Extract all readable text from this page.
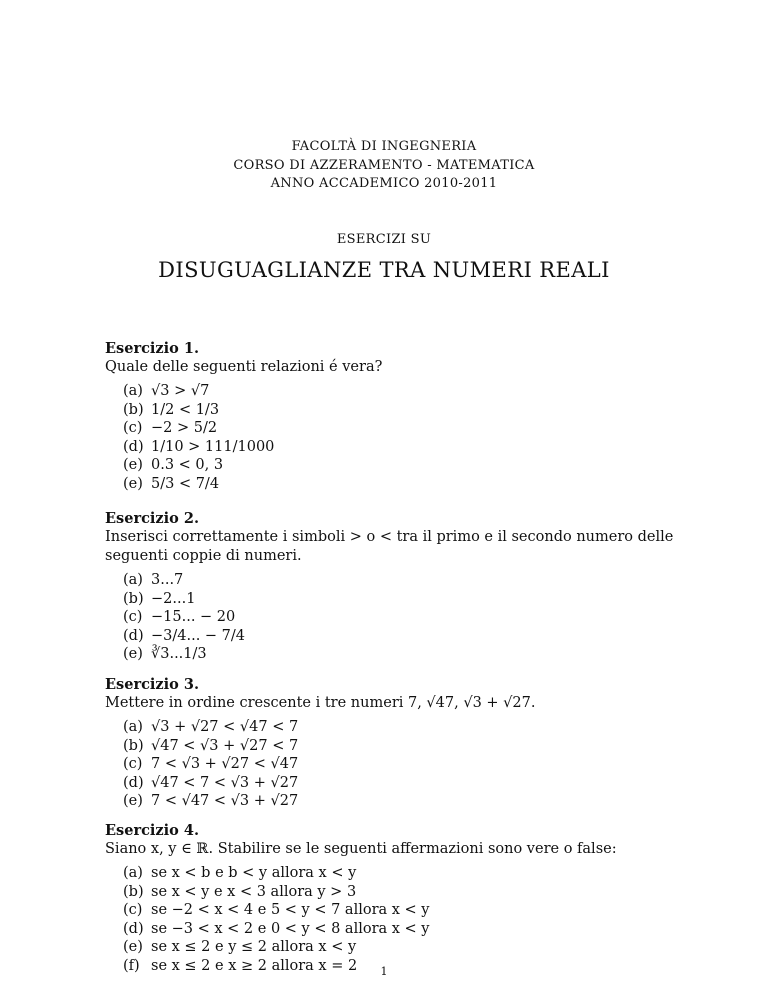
FACOLTÀ DI INGEGNERIA
CORSO DI AZZERAMENTO - MATEMATICA
ANNO ACCADEMICO 2010-2011
ESERCIZI SU
DISUGUAGLIANZE TRA NUMERI REALI
Esercizio 1.
Quale delle seguenti relazioni é vera?
(a) √3 > √7
(b) 1/2 < 1/3
(c) −2 > 5/2
(d) 1/10 > 111/1000
(e) 0.3 < 0, 3
(e) 5/3 < 7/4
Esercizio 2.
Inserisci correttamente i simboli > o < tra il primo e il secondo numero delle seguenti coppie di numeri.
(a) 3...7
(b) −2...1
(c) −15... − 20
(d) −3/4... − 7/4
(e) ∛3...1/3
Esercizio 3.
Mettere in ordine crescente i tre numeri 7, √47, √3 + √27.
(a) √3 + √27 < √47 < 7
(b) √47 < √3 + √27 < 7
(c) 7 < √3 + √27 < √47
(d) √47 < 7 < √3 + √27
(e) 7 < √47 < √3 + √27
Esercizio 4.
Siano x, y ∈ ℝ. Stabilire se le seguenti affermazioni sono vere o false:
(a) se x < b e b < y allora x < y
(b) se x < y e x < 3 allora y > 3
(c) se −2 < x < 4 e 5 < y < 7 allora x < y
(d) se −3 < x < 2 e 0 < y < 8 allora x < y
(e) se x ≤ 2 e y ≤ 2 allora x < y
(f) se x ≤ 2 e x ≥ 2 allora x = 2	1
